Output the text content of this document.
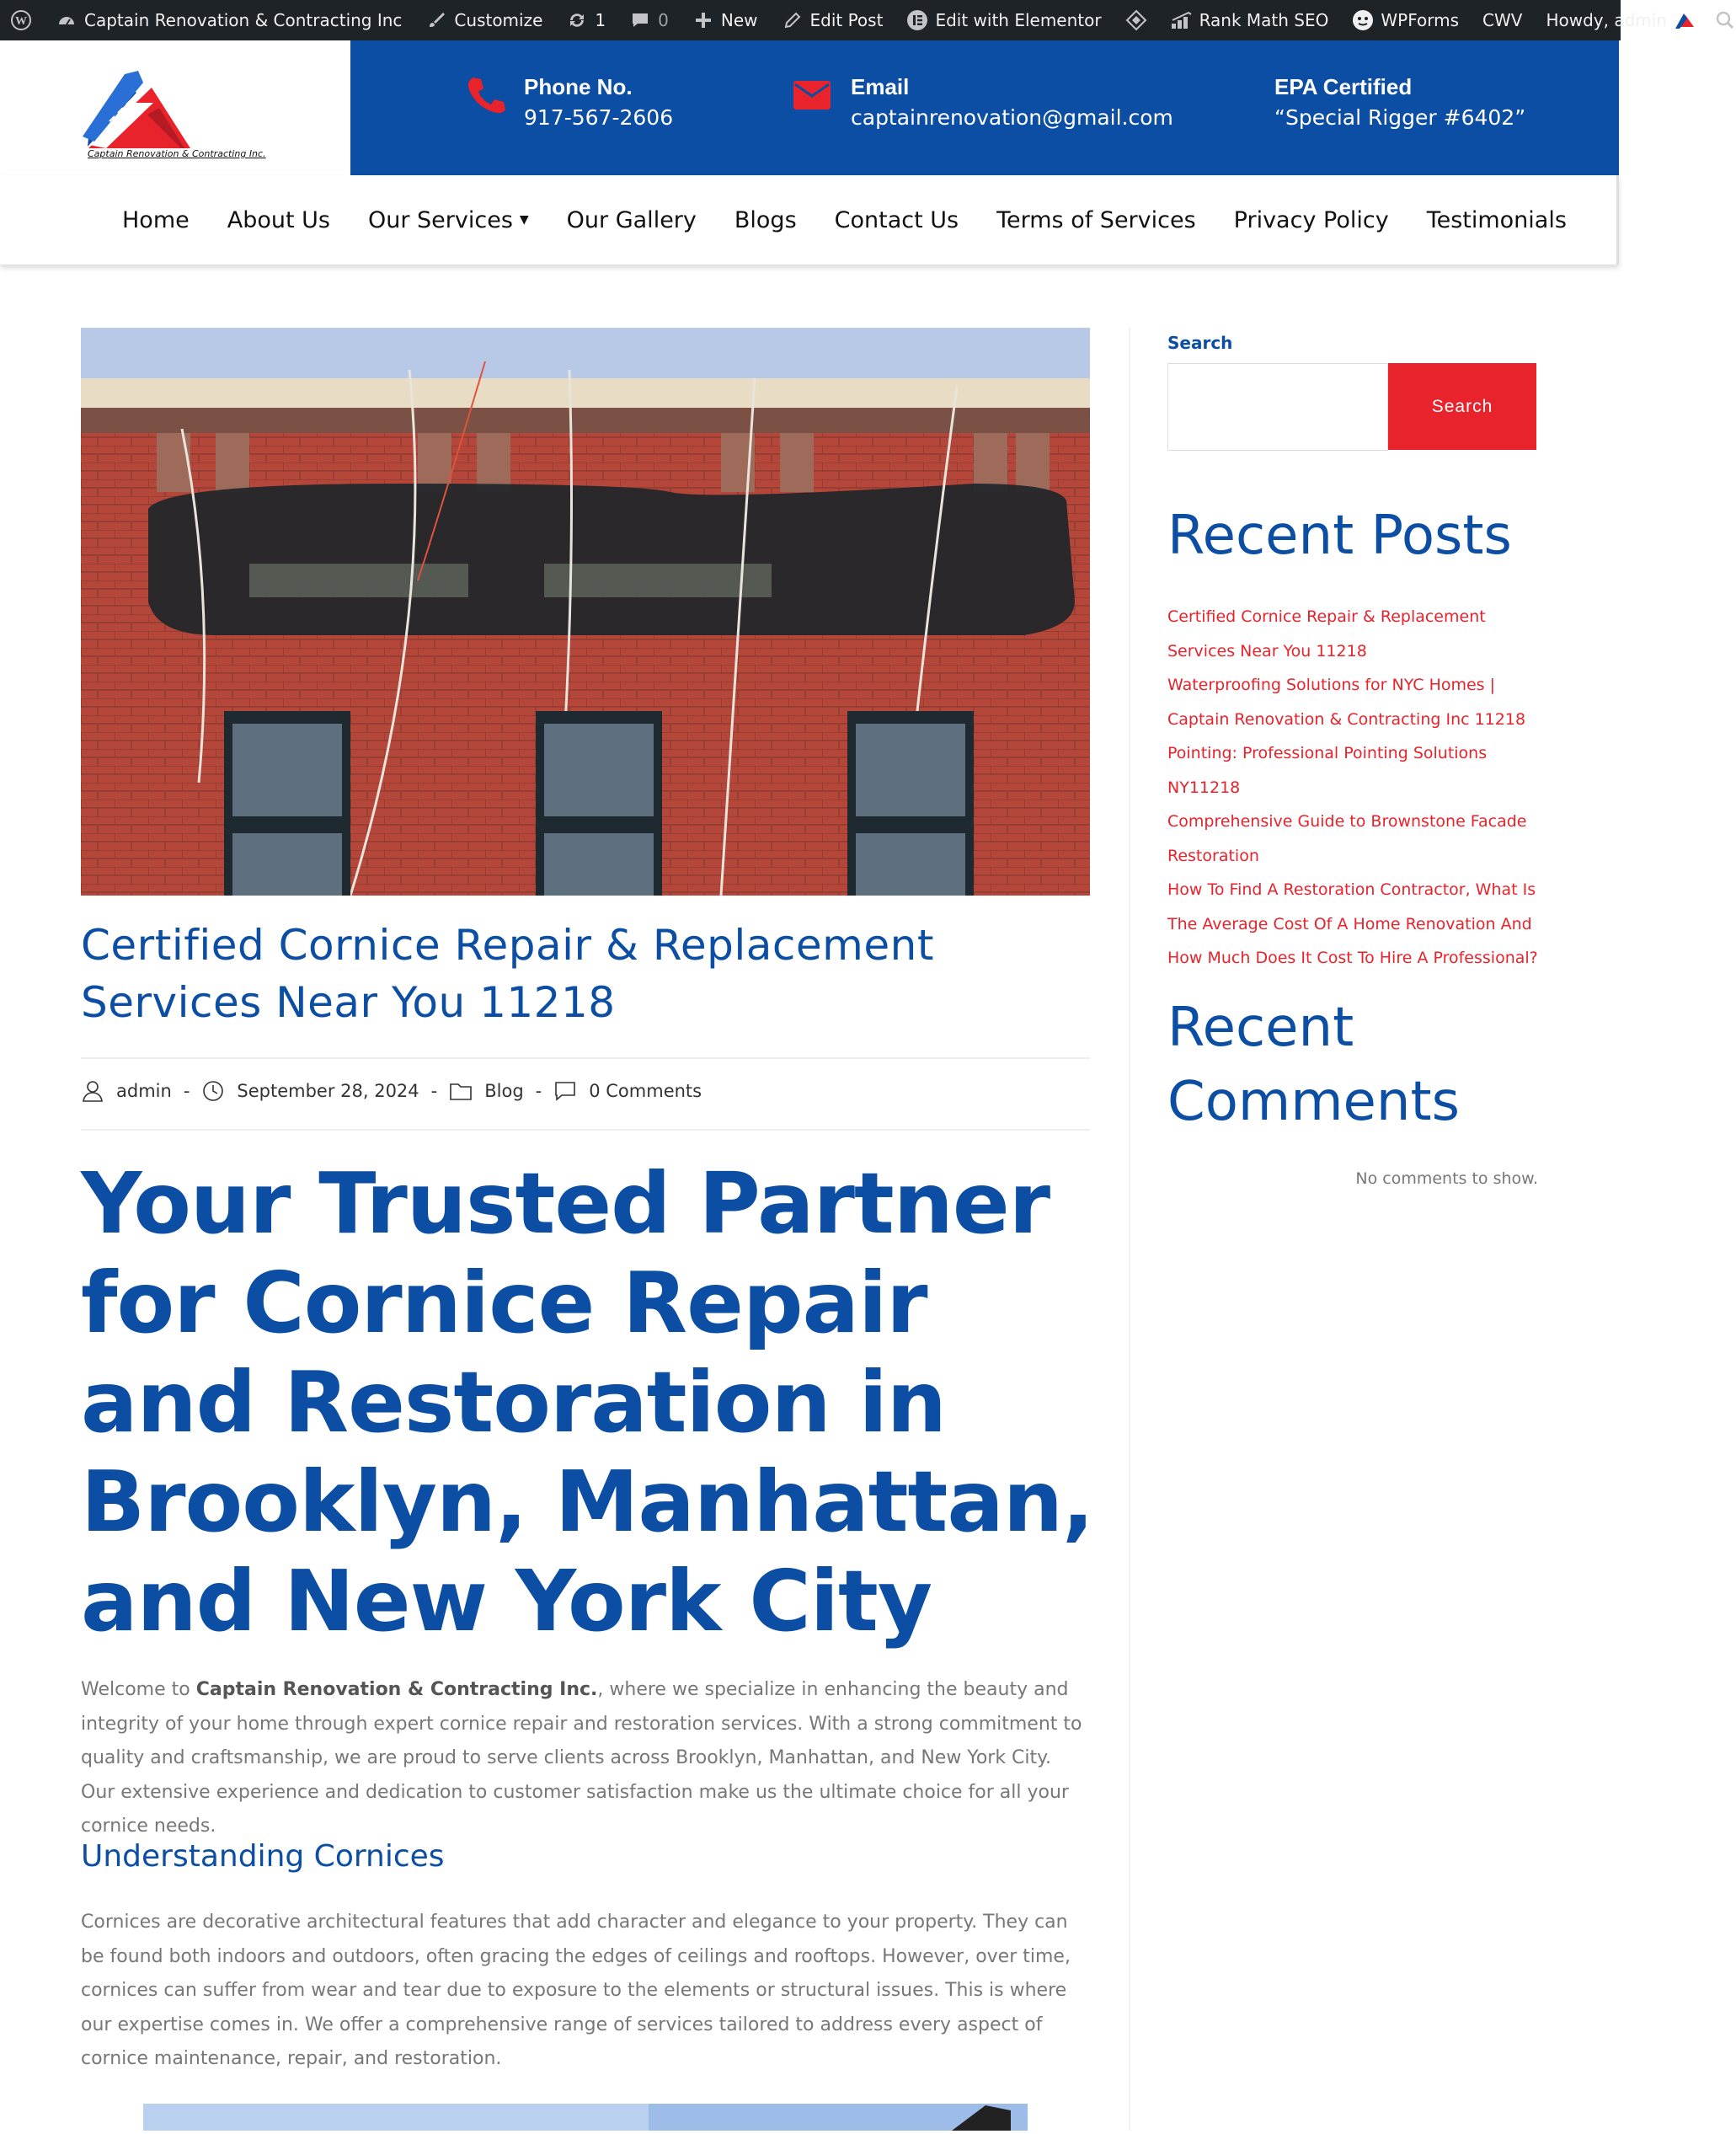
W	Captain Renovation & Contracting Inc	Customize	1	0	New	Edit Post	Edit with Elementor	Rank Math SEO	WPForms CWV Howdy, admin
Captain Renovation & Contracting Inc.
Phone No.
917-567-2606
Email
captainrenovation@gmail.com
EPA Certified
“Special Rigger #6402”
Home About Us Our Services ▼ Our Gallery Blogs Contact Us Terms of Services Privacy Policy Testimonials
Certified Cornice Repair & Replacement Services Near You 11218
admin -	September 28, 2024 -	Blog -	0 Comments
Your Trusted Partner for Cornice Repair and Restoration in Brooklyn, Manhattan, and New York City

Welcome to Captain Renovation & Contracting Inc., where we specialize in enhancing the beauty and integrity of your home through expert cornice repair and restoration services. With a strong commitment to quality and craftsmanship, we are proud to serve clients across Brooklyn, Manhattan, and New York City. Our extensive experience and dedication to customer satisfaction make us the ultimate choice for all your cornice needs.

Understanding Cornices

Cornices are decorative architectural features that add character and elegance to your property. They can be found both indoors and outdoors, often gracing the edges of ceilings and rooftops. However, over time, cornices can suffer from wear and tear due to exposure to the elements or structural issues. This is where our expertise comes in. We offer a comprehensive range of services tailored to address every aspect of cornice maintenance, repair, and restoration.

Search
Search
Recent Posts
Certified Cornice Repair & Replacement
Services Near You 11218
Waterproofing Solutions for NYC Homes |
Captain Renovation & Contracting Inc 11218
Pointing: Professional Pointing Solutions NY11218
Comprehensive Guide to Brownstone Facade
Restoration
How To Find A Restoration Contractor, What Is
The Average Cost Of A Home Renovation And
How Much Does It Cost To Hire A Professional?
Recent
Comments
No comments to show.
